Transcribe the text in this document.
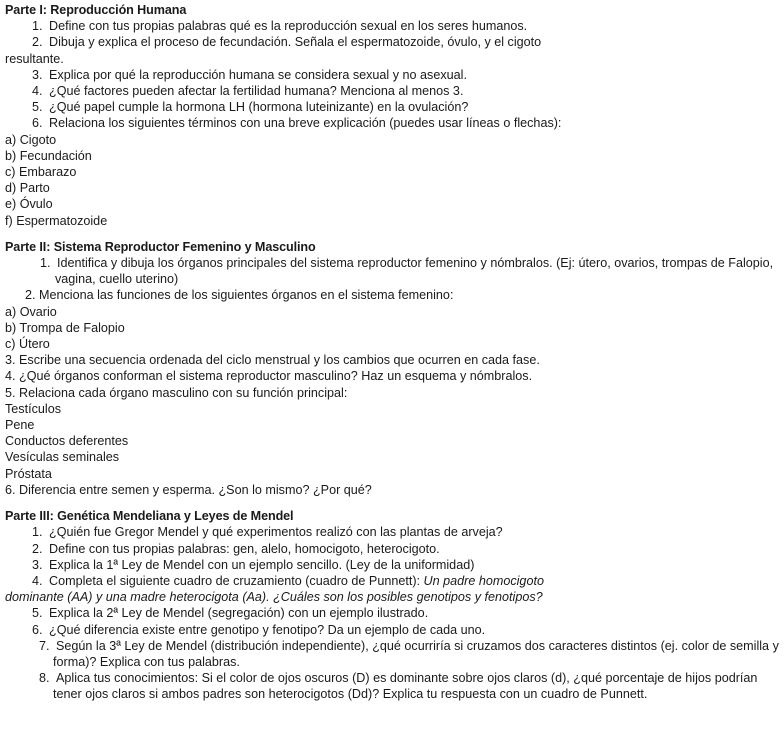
Parte I: Reproducción Humana
1. Define con tus propias palabras qué es la reproducción sexual en los seres humanos.
2. Dibuja y explica el proceso de fecundación. Señala el espermatozoide, óvulo, y el cigoto
resultante.
3. Explica por qué la reproducción humana se considera sexual y no asexual.
4. ¿Qué factores pueden afectar la fertilidad humana? Menciona al menos 3.
5. ¿Qué papel cumple la hormona LH (hormona luteinizante) en la ovulación?
6. Relaciona los siguientes términos con una breve explicación (puedes usar líneas o flechas):
a) Cigoto
b) Fecundación
c) Embarazo
d) Parto
e) Óvulo
f) Espermatozoide
Parte II: Sistema Reproductor Femenino y Masculino
1. Identifica y dibuja los órganos principales del sistema reproductor femenino y nómbralos. (Ej: útero, ovarios, trompas de Falopio, vagina, cuello uterino)
2. Menciona las funciones de los siguientes órganos en el sistema femenino:
a) Ovario
b) Trompa de Falopio
c) Útero
3. Escribe una secuencia ordenada del ciclo menstrual y los cambios que ocurren en cada fase.
4. ¿Qué órganos conforman el sistema reproductor masculino? Haz un esquema y nómbralos.
5. Relaciona cada órgano masculino con su función principal:
Testículos
Pene
Conductos deferentes
Vesículas seminales
Próstata
6. Diferencia entre semen y esperma. ¿Son lo mismo? ¿Por qué?
Parte III: Genética Mendeliana y Leyes de Mendel
1. ¿Quién fue Gregor Mendel y qué experimentos realizó con las plantas de arveja?
2. Define con tus propias palabras: gen, alelo, homocigoto, heterocigoto.
3. Explica la 1ª Ley de Mendel con un ejemplo sencillo. (Ley de la uniformidad)
4. Completa el siguiente cuadro de cruzamiento (cuadro de Punnett): Un padre homocigoto
dominante (AA) y una madre heterocigota (Aa). ¿Cuáles son los posibles genotipos y fenotipos?
5. Explica la 2ª Ley de Mendel (segregación) con un ejemplo ilustrado.
6. ¿Qué diferencia existe entre genotipo y fenotipo? Da un ejemplo de cada uno.
7. Según la 3ª Ley de Mendel (distribución independiente), ¿qué ocurriría si cruzamos dos caracteres distintos (ej. color de semilla y forma)? Explica con tus palabras.
8. Aplica tus conocimientos: Si el color de ojos oscuros (D) es dominante sobre ojos claros (d), ¿qué porcentaje de hijos podrían tener ojos claros si ambos padres son heterocigotos (Dd)? Explica tu respuesta con un cuadro de Punnett.
